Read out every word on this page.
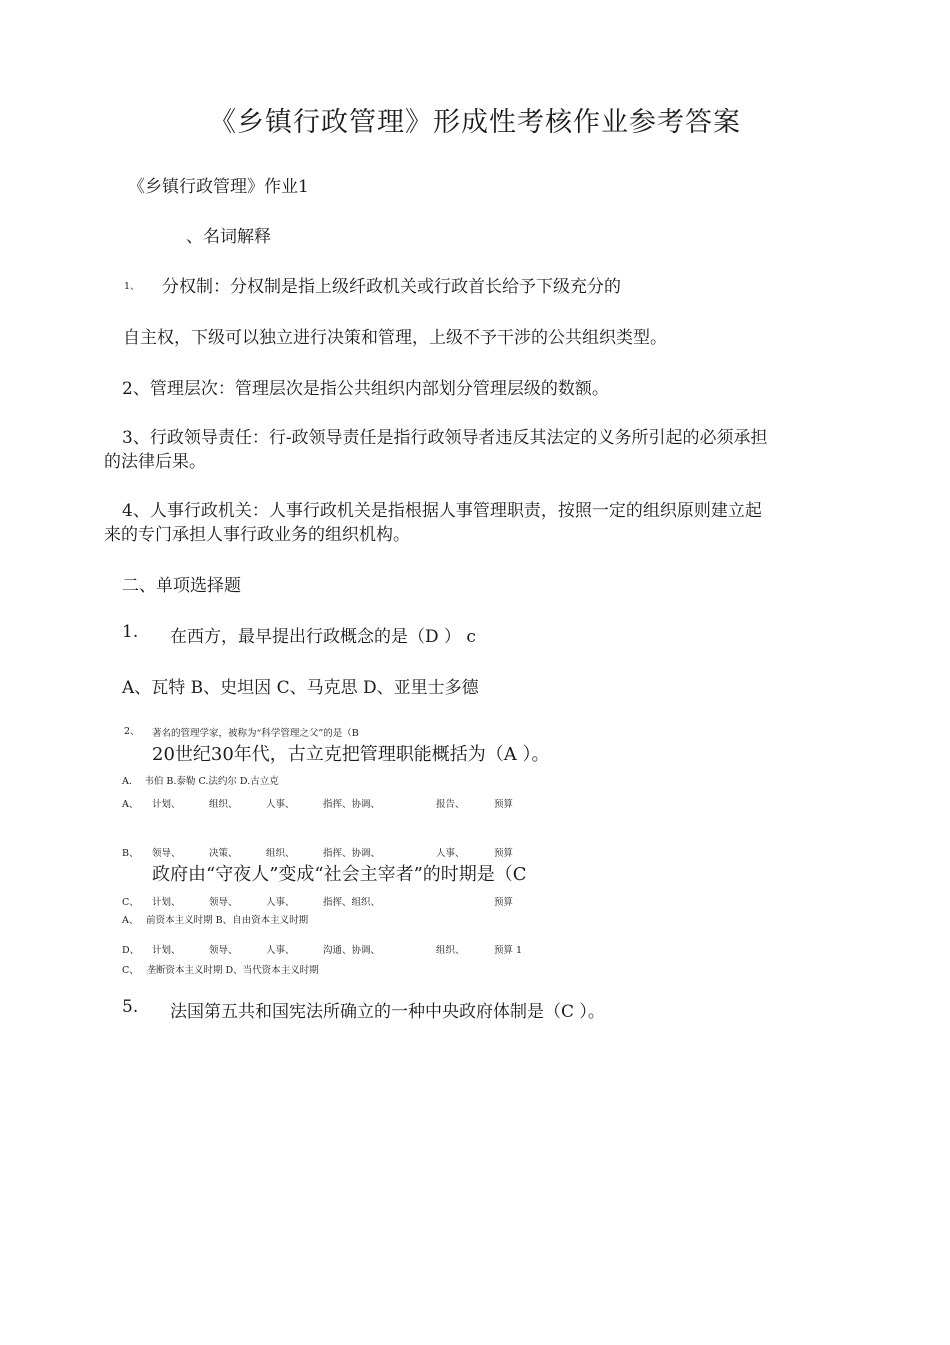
《乡镇行政管理》形成性考核作业参考答案
《乡镇行政管理》作业1
、名词解释
1、 分权制：分权制是指上级纤政机关或行政首长给予下级充分的
自主权，下级可以独立进行决策和管理，上级不予干涉的公共组织类型。
2、管理层次：管理层次是指公共组织内部划分管理层级的数额。
3、行政领导责任：行-政领导责任是指行政领导者违反其法定的义务所引起的必须承担
的法律后果。
4、人事行政机关：人事行政机关是指根据人事管理职责，按照一定的组织原则建立起
来的专门承担人事行政业务的组织机构。
二、单项选择题
1. 在西方，最早提出行政概念的是（D ） c
A、瓦特 B、史坦因 C、马克思 D、亚里士多德
2、 著名的管理学家，被称为“科学管理之父”的是（B
20世纪30年代，古立克把管理职能概括为（A ）。
A.　 韦伯 B.泰勒 C.法约尔 D.古立克
A、 计划、	组织、	人事、	指挥、协调、	报告、	预算
B、 领导、	决策、	组织、	指挥、协调、	人事、	预算
政府由“守夜人”变成“社会主宰者”的时期是（C
C、 计划、	领导、	人事、	指挥、组织、	预算
A、　 前资本主义时期 B、自由资本主义时期
D、 计划、	领导、	人事、	沟通、协调、	组织、	预算 1
C、　 垄断资本主义时期 D、当代资本主义时期
5. 法国第五共和国宪法所确立的一种中央政府体制是（C ）。
